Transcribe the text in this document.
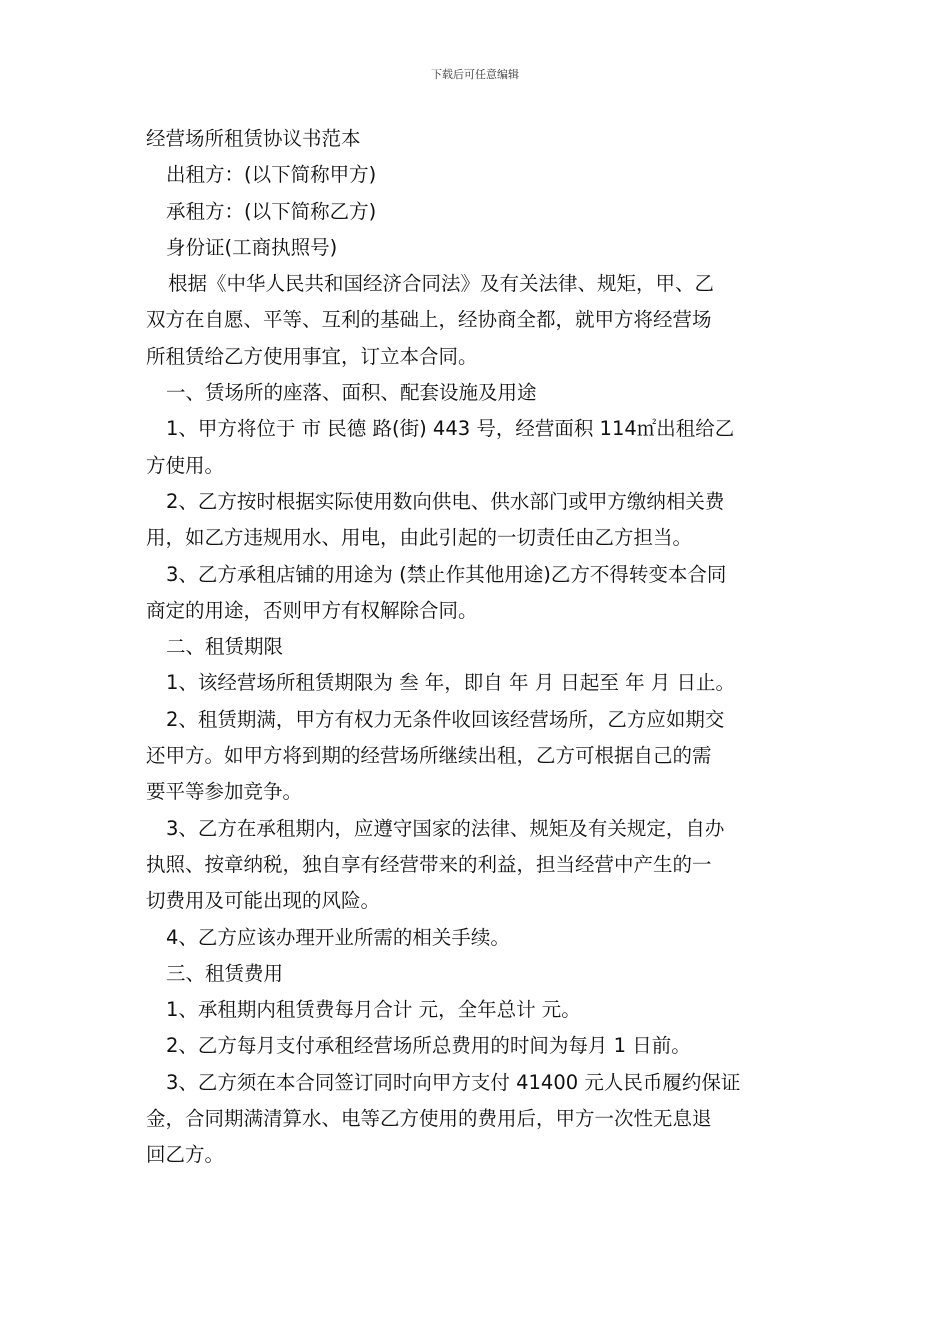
下载后可任意编辑

经营场所租赁协议书范本

出租方：(以下简称甲方)

承租方：(以下简称乙方)

身份证(工商执照号)

根据《中华人民共和国经济合同法》及有关法律、规矩，甲、乙

双方在自愿、平等、互利的基础上，经协商全都，就甲方将经营场

所租赁给乙方使用事宜，订立本合同。

一、赁场所的座落、面积、配套设施及用途

1、甲方将位于 市 民德 路(街) 443 号，经营面积 114㎡出租给乙

方使用。

2、乙方按时根据实际使用数向供电、供水部门或甲方缴纳相关费

用，如乙方违规用水、用电，由此引起的一切责任由乙方担当。

3、乙方承租店铺的用途为 (禁止作其他用途)乙方不得转变本合同

商定的用途，否则甲方有权解除合同。

二、租赁期限

1、该经营场所租赁期限为 叁 年，即自 年 月 日起至 年 月 日止。

2、租赁期满，甲方有权力无条件收回该经营场所，乙方应如期交

还甲方。如甲方将到期的经营场所继续出租，乙方可根据自己的需

要平等参加竞争。

3、乙方在承租期内，应遵守国家的法律、规矩及有关规定，自办

执照、按章纳税，独自享有经营带来的利益，担当经营中产生的一

切费用及可能出现的风险。

4、乙方应该办理开业所需的相关手续。

三、租赁费用

1、承租期内租赁费每月合计 元，全年总计 元。

2、乙方每月支付承租经营场所总费用的时间为每月 1 日前。

3、乙方须在本合同签订同时向甲方支付 41400 元人民币履约保证

金，合同期满清算水、电等乙方使用的费用后，甲方一次性无息退

回乙方。
